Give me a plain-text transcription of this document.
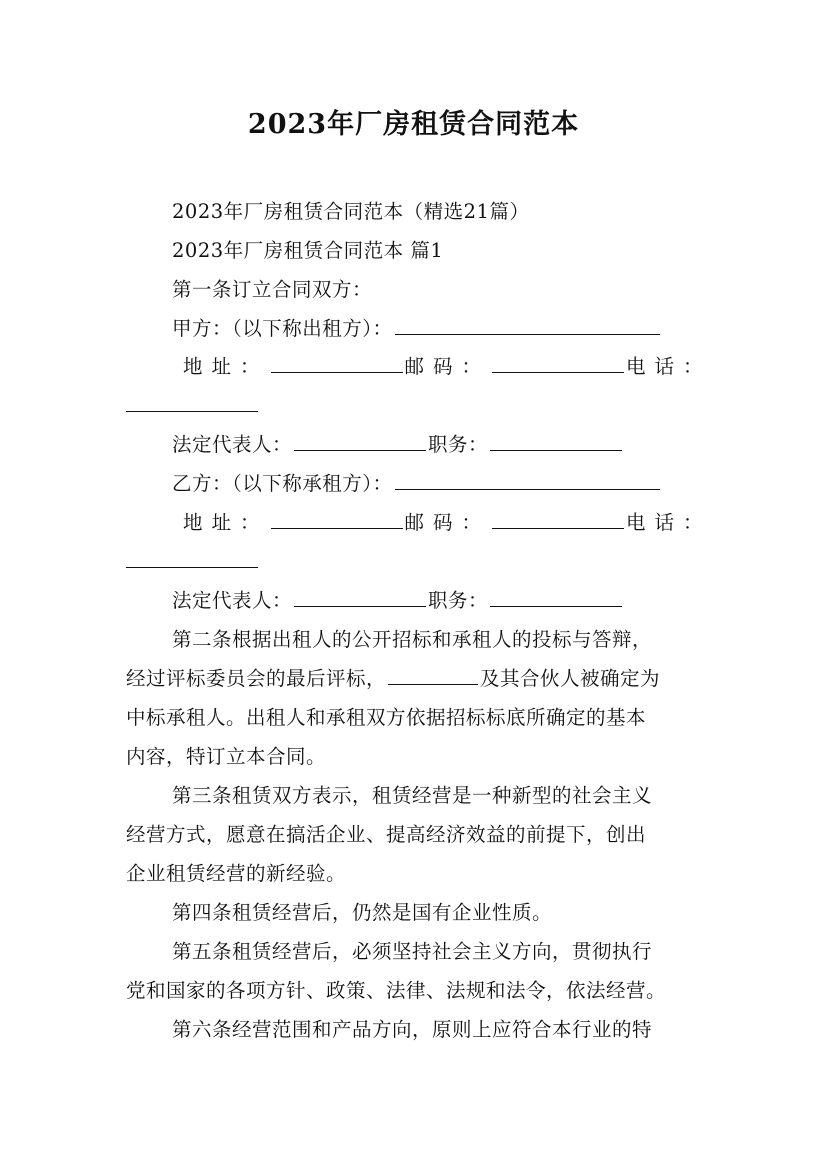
2023年厂房租赁合同范本
2023年厂房租赁合同范本（精选21篇）
2023年厂房租赁合同范本 篇1
第一条订立合同双方：
甲方：（以下称出租方）：
地址：	邮码：	电话：
法定代表人：	职务：
乙方：（以下称承租方）：
地址：	邮码：	电话：
法定代表人：	职务：
第二条根据出租人的公开招标和承租人的投标与答辩，
经过评标委员会的最后评标，	及其合伙人被确定为
中标承租人。出租人和承租双方依据招标标底所确定的基本
内容，特订立本合同。
第三条租赁双方表示，租赁经营是一种新型的社会主义
经营方式，愿意在搞活企业、提高经济效益的前提下，创出
企业租赁经营的新经验。
第四条租赁经营后，仍然是国有企业性质。
第五条租赁经营后，必须坚持社会主义方向，贯彻执行
党和国家的各项方针、政策、法律、法规和法令，依法经营。
第六条经营范围和产品方向，原则上应符合本行业的特
